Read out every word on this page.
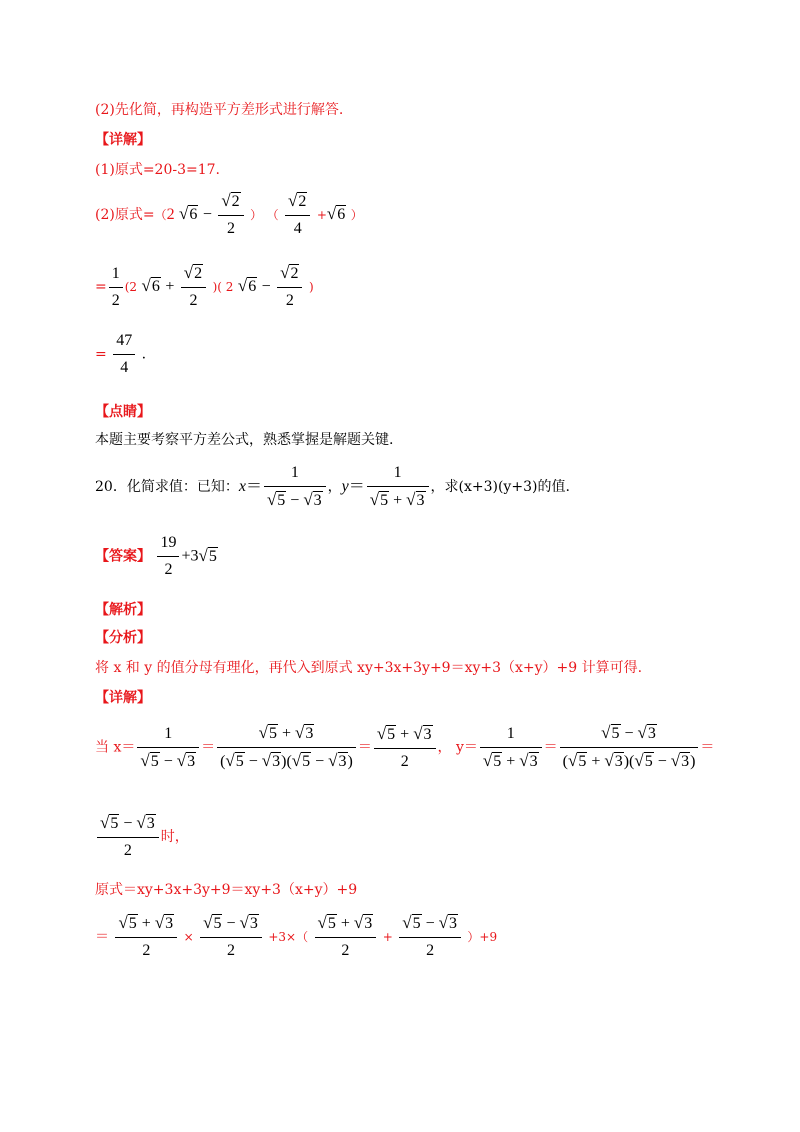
(2)先化简，再构造平方差形式进行解答.
【详解】
(1)原式=20-3=17.
(2)原式=（2 $√6 - \frac{√2}{2}$ ） （ $\frac{√2}{4} +√6$ ）
= $\frac{1}{2} (2$ $√6 + \frac{√2}{2}$ )( 2 $√6 - \frac{√2}{2}$ )
= $\frac{47}{4}$ .
【点睛】
本题主要考察平方差公式，熟悉掌握是解题关键.
20．化简求值：已知：$x= \frac{1}{√5 - √3}$ ，$y= \frac{1}{√5 + √3}$ ，求(x+3)(y+3)的值.
【答案】 $\frac{19}{2} +3√5$
【解析】
【分析】
将 x 和 y 的值分母有理化，再代入到原式 xy+3x+3y+9＝xy+3（x+y）+9 计算可得.
【详解】
当 $x= \frac{1}{√5 - √3} = \frac{√5 + √3}{(√5 - √3)(√5 - √3)} = \frac{√5 + √3}{2}$ ， $y= \frac{1}{√5 + √3} = \frac{√5 - √3}{(√5 + √3)(√5 - √3)}$ ＝
$\frac{√5 - √3}{2}$ 时，
原式＝xy+3x+3y+9＝xy+3（x+y）+9
＝ $\frac{√5 + √3}{2} \times \frac{√5 - √3}{2} +3\times( \frac{√5 + √3}{2} + \frac{√5 - √3}{2} )+9$
